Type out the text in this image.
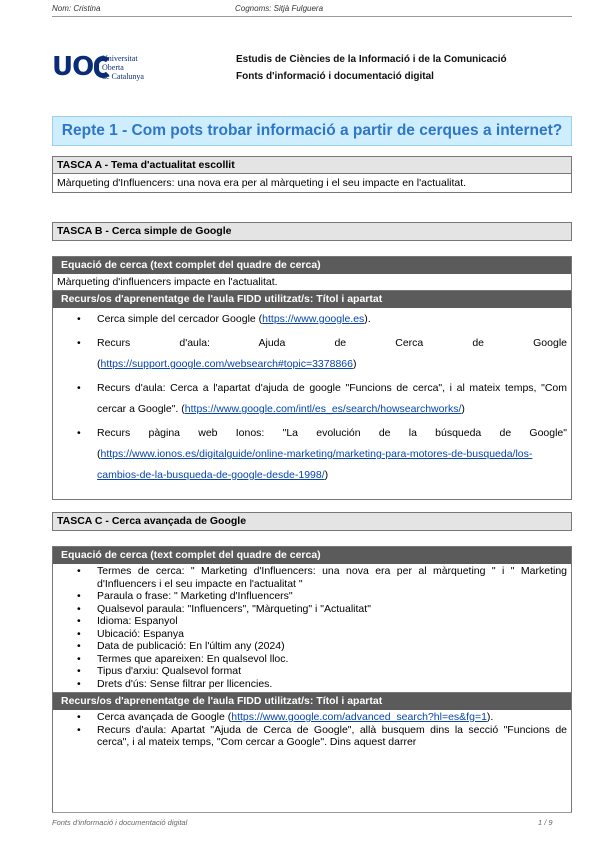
Nom: Cristina	Cognoms: Sitjà Fulguera
UO	Universitat
Oberta
de Catalunya
Estudis de Ciències de la Informació i de la Comunicació
Fonts d'informació i documentació digital
Repte 1 - Com pots trobar informació a partir de cerques a internet?
TASCA A - Tema d'actualitat escollit
Màrqueting d'Influencers: una nova era per al màrqueting i el seu impacte en l'actualitat.
TASCA B - Cerca simple de Google
Equació de cerca (text complet del quadre de cerca)
Màrqueting d'influencers impacte en l'actualitat.
Recurs/os d'aprenentatge de l'aula FIDD utilitzat/s: Títol i apartat
• Cerca simple del cercador Google (https://www.google.es).
• Recurs d'aula: Ajuda de Cerca de Google
(https://support.google.com/websearch#topic=3378866)
• Recurs d'aula: Cerca a l'apartat d'ajuda de google "Funcions de cerca", i al mateix temps, "Com cercar a Google". (https://www.google.com/intl/es_es/search/howsearchworks/)
• Recurs pàgina web Ionos: "La evolución de la búsqueda de Google" (https://www.ionos.es/digitalguide/online-marketing/marketing-para-motores-de-busqueda/los-cambios-de-la-busqueda-de-google-desde-1998/)
TASCA C - Cerca avançada de Google
Equació de cerca (text complet del quadre de cerca)
• Termes de cerca: " Marketing d'Influencers: una nova era per al màrqueting " i " Marketing d'Influencers i el seu impacte en l'actualitat "
• Paraula o frase: " Marketing d'Influencers"
• Qualsevol paraula: "Influencers", "Màrqueting" i "Actualitat"
• Idioma: Espanyol
• Ubicació: Espanya
• Data de publicació: En l'últim any (2024)
• Termes que apareixen: En qualsevol lloc.
• Tipus d'arxiu: Qualsevol format
• Drets d'ús: Sense filtrar per llicencies.
Recurs/os d'aprenentatge de l'aula FIDD utilitzat/s: Títol i apartat
• Cerca avançada de Google (https://www.google.com/advanced_search?hl=es&fg=1).
• Recurs d'aula: Apartat "Ajuda de Cerca de Google", allà busquem dins la secció "Funcions de cerca", i al mateix temps, "Com cercar a Google". Dins aquest darrer
Fonts d'informació i documentació digital	1 / 9
